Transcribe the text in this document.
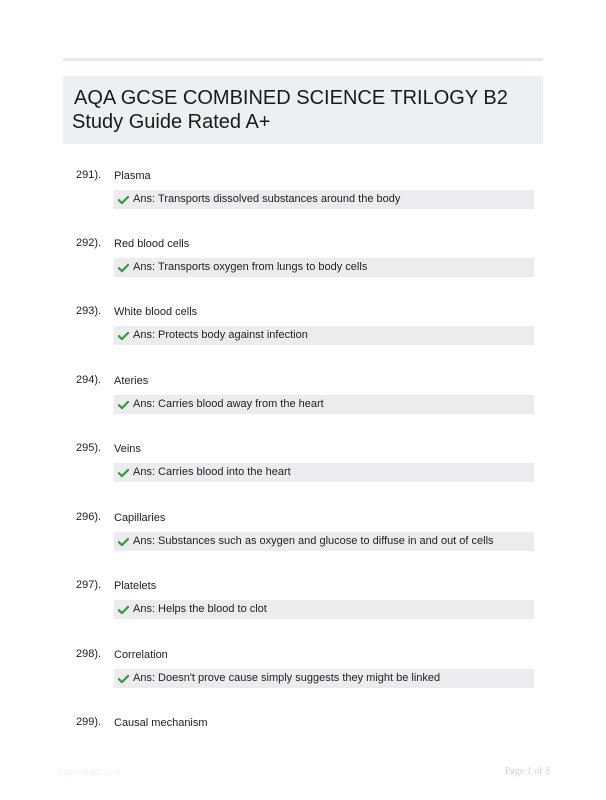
AQA GCSE COMBINED SCIENCE TRILOGY B2
Study Guide Rated A+
291). Plasma
Ans: Transports dissolved substances around the body
292). Red blood cells
Ans: Transports oxygen from lungs to body cells
293). White blood cells
Ans: Protects body against infection
294). Ateries
Ans: Carries blood away from the heart
295). Veins
Ans: Carries blood into the heart
296). Capillaries
Ans: Substances such as oxygen and glucose to diffuse in and out of cells
297). Platelets
Ans: Helps the blood to clot
298). Correlation
Ans: Doesn't prove cause simply suggests they might be linked
299). Causal mechanism
Papersbbc.com	Page 1 of 8
